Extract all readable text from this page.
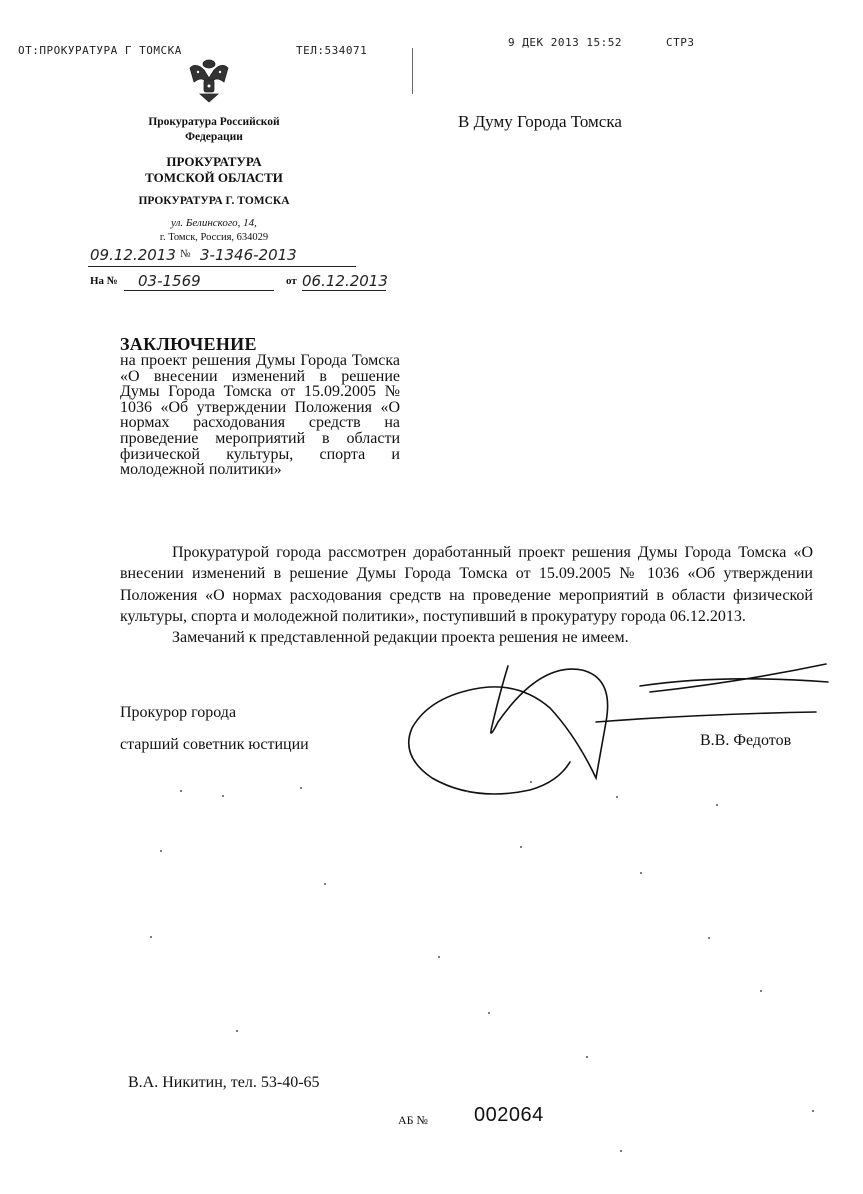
ОТ:ПРОКУРАТУРА Г ТОМСКА	ТЕЛ:534071
9 ДЕК 2013 15:52	СТР3
Прокуратура Российской
Федерации
ПРОКУРАТУРА
ТОМСКОЙ ОБЛАСТИ
ПРОКУРАТУРА Г. ТОМСКА
ул. Белинского, 14,
г. Томск, Россия, 634029
09.12.2013 № 3-1346-2013
На №	03-1569	от 06.12.2013
В Думу Города Томска
ЗАКЛЮЧЕНИЕ
на проект решения Думы Города Томска «О внесении изменений в решение Думы Города Томска от 15.09.2005 № 1036 «Об утверждении Положения «О нормах расходования средств на проведение мероприятий в области физической культуры, спорта и молодежной политики»

Прокуратурой города рассмотрен доработанный проект решения Думы Города Томска «О внесении изменений в решение Думы Города Томска от 15.09.2005 № 1036 «Об утверждении Положения «О нормах расходования средств на проведение мероприятий в области физической культуры, спорта и молодежной политики», поступивший в прокуратуру города 06.12.2013.

Замечаний к представленной редакции проекта решения не имеем.

Прокурор города
старший советник юстиции	В.В. Федотов
В.А. Никитин, тел. 53-40-65
АБ № 002064
